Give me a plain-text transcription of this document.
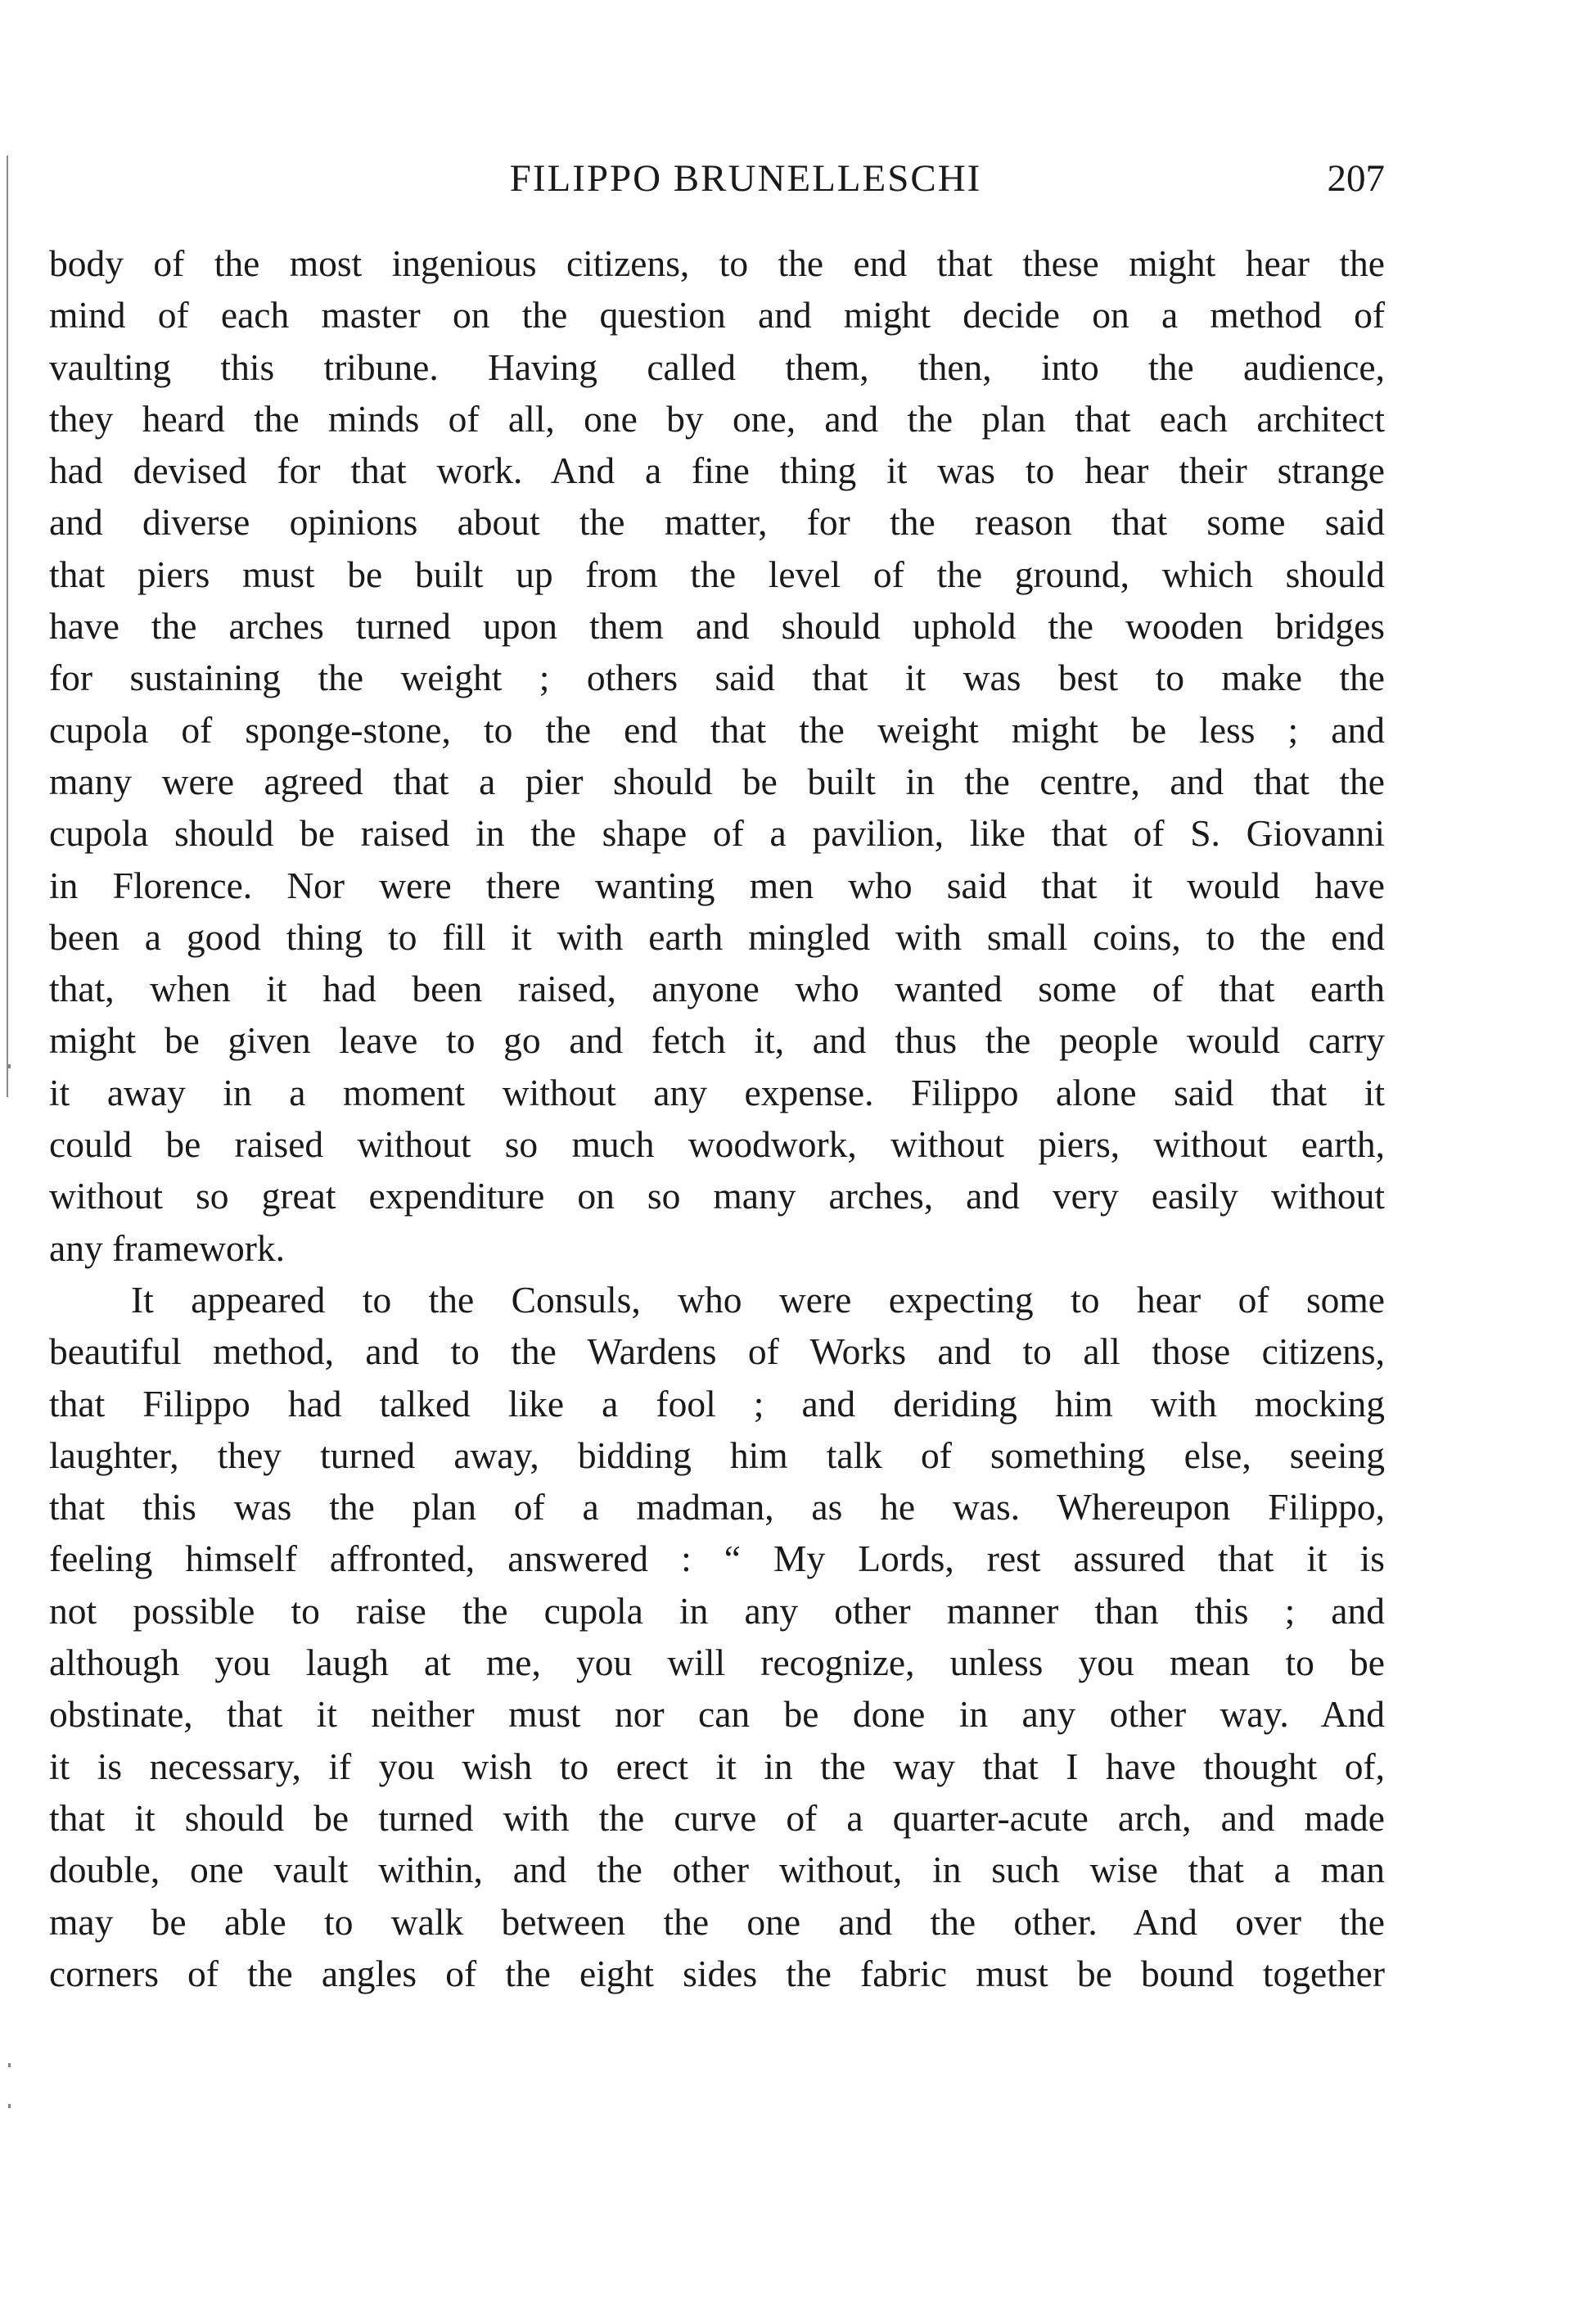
FILIPPO BRUNELLESCHI	207
body of the most ingenious citizens, to the end that these might hear the
mind of each master on the question and might decide on a method of
vaulting this tribune. Having called them, then, into the audience,
they heard the minds of all, one by one, and the plan that each architect
had devised for that work. And a fine thing it was to hear their strange
and diverse opinions about the matter, for the reason that some said
that piers must be built up from the level of the ground, which should
have the arches turned upon them and should uphold the wooden bridges
for sustaining the weight ; others said that it was best to make the
cupola of sponge-stone, to the end that the weight might be less ; and
many were agreed that a pier should be built in the centre, and that the
cupola should be raised in the shape of a pavilion, like that of S. Giovanni
in Florence. Nor were there wanting men who said that it would have
been a good thing to fill it with earth mingled with small coins, to the end
that, when it had been raised, anyone who wanted some of that earth
might be given leave to go and fetch it, and thus the people would carry
it away in a moment without any expense. Filippo alone said that it
could be raised without so much woodwork, without piers, without earth,
without so great expenditure on so many arches, and very easily without
any framework.
It appeared to the Consuls, who were expecting to hear of some
beautiful method, and to the Wardens of Works and to all those citizens,
that Filippo had talked like a fool ; and deriding him with mocking
laughter, they turned away, bidding him talk of something else, seeing
that this was the plan of a madman, as he was. Whereupon Filippo,
feeling himself affronted, answered : “ My Lords, rest assured that it is
not possible to raise the cupola in any other manner than this ; and
although you laugh at me, you will recognize, unless you mean to be
obstinate, that it neither must nor can be done in any other way. And
it is necessary, if you wish to erect it in the way that I have thought of,
that it should be turned with the curve of a quarter-acute arch, and made
double, one vault within, and the other without, in such wise that a man
may be able to walk between the one and the other. And over the
corners of the angles of the eight sides the fabric must be bound together
